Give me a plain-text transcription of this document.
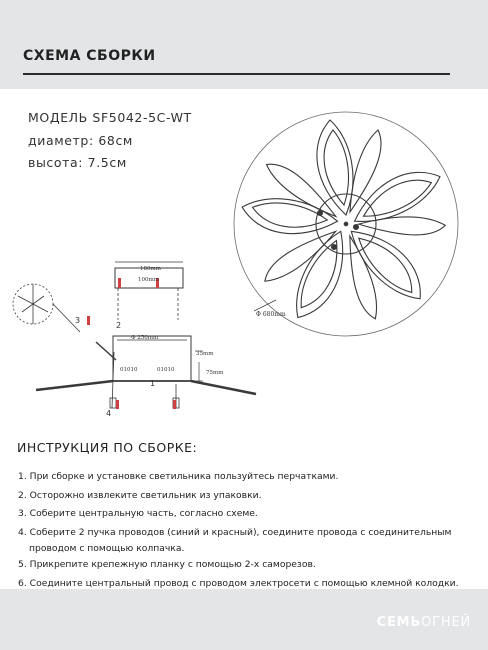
СХЕМА СБОРКИ
МОДЕЛЬ SF5042-5C-WT
диаметр: 68см
высота: 7.5см
Φ 680mm
180mm
100mm
Φ 250mm
35mm
75mm
01010	01010
2
3
1
4
ИНСТРУКЦИЯ ПО СБОРКЕ:
1. При сборке и установке светильника пользуйтесь перчатками.
2. Осторожно извлеките светильник из упаковки.
3. Соберите центральную часть, согласно схеме.
4. Соберите 2 пучка проводов (синий и красный), соедините провода с соединительным
проводом с помощью колпачка.
5. Прикрепите крепежную планку с помощью 2-х саморезов.
6. Соедините центральный провод с проводом электросети с помощью клемной колодки.
СЕМЬОГНЕЙ
